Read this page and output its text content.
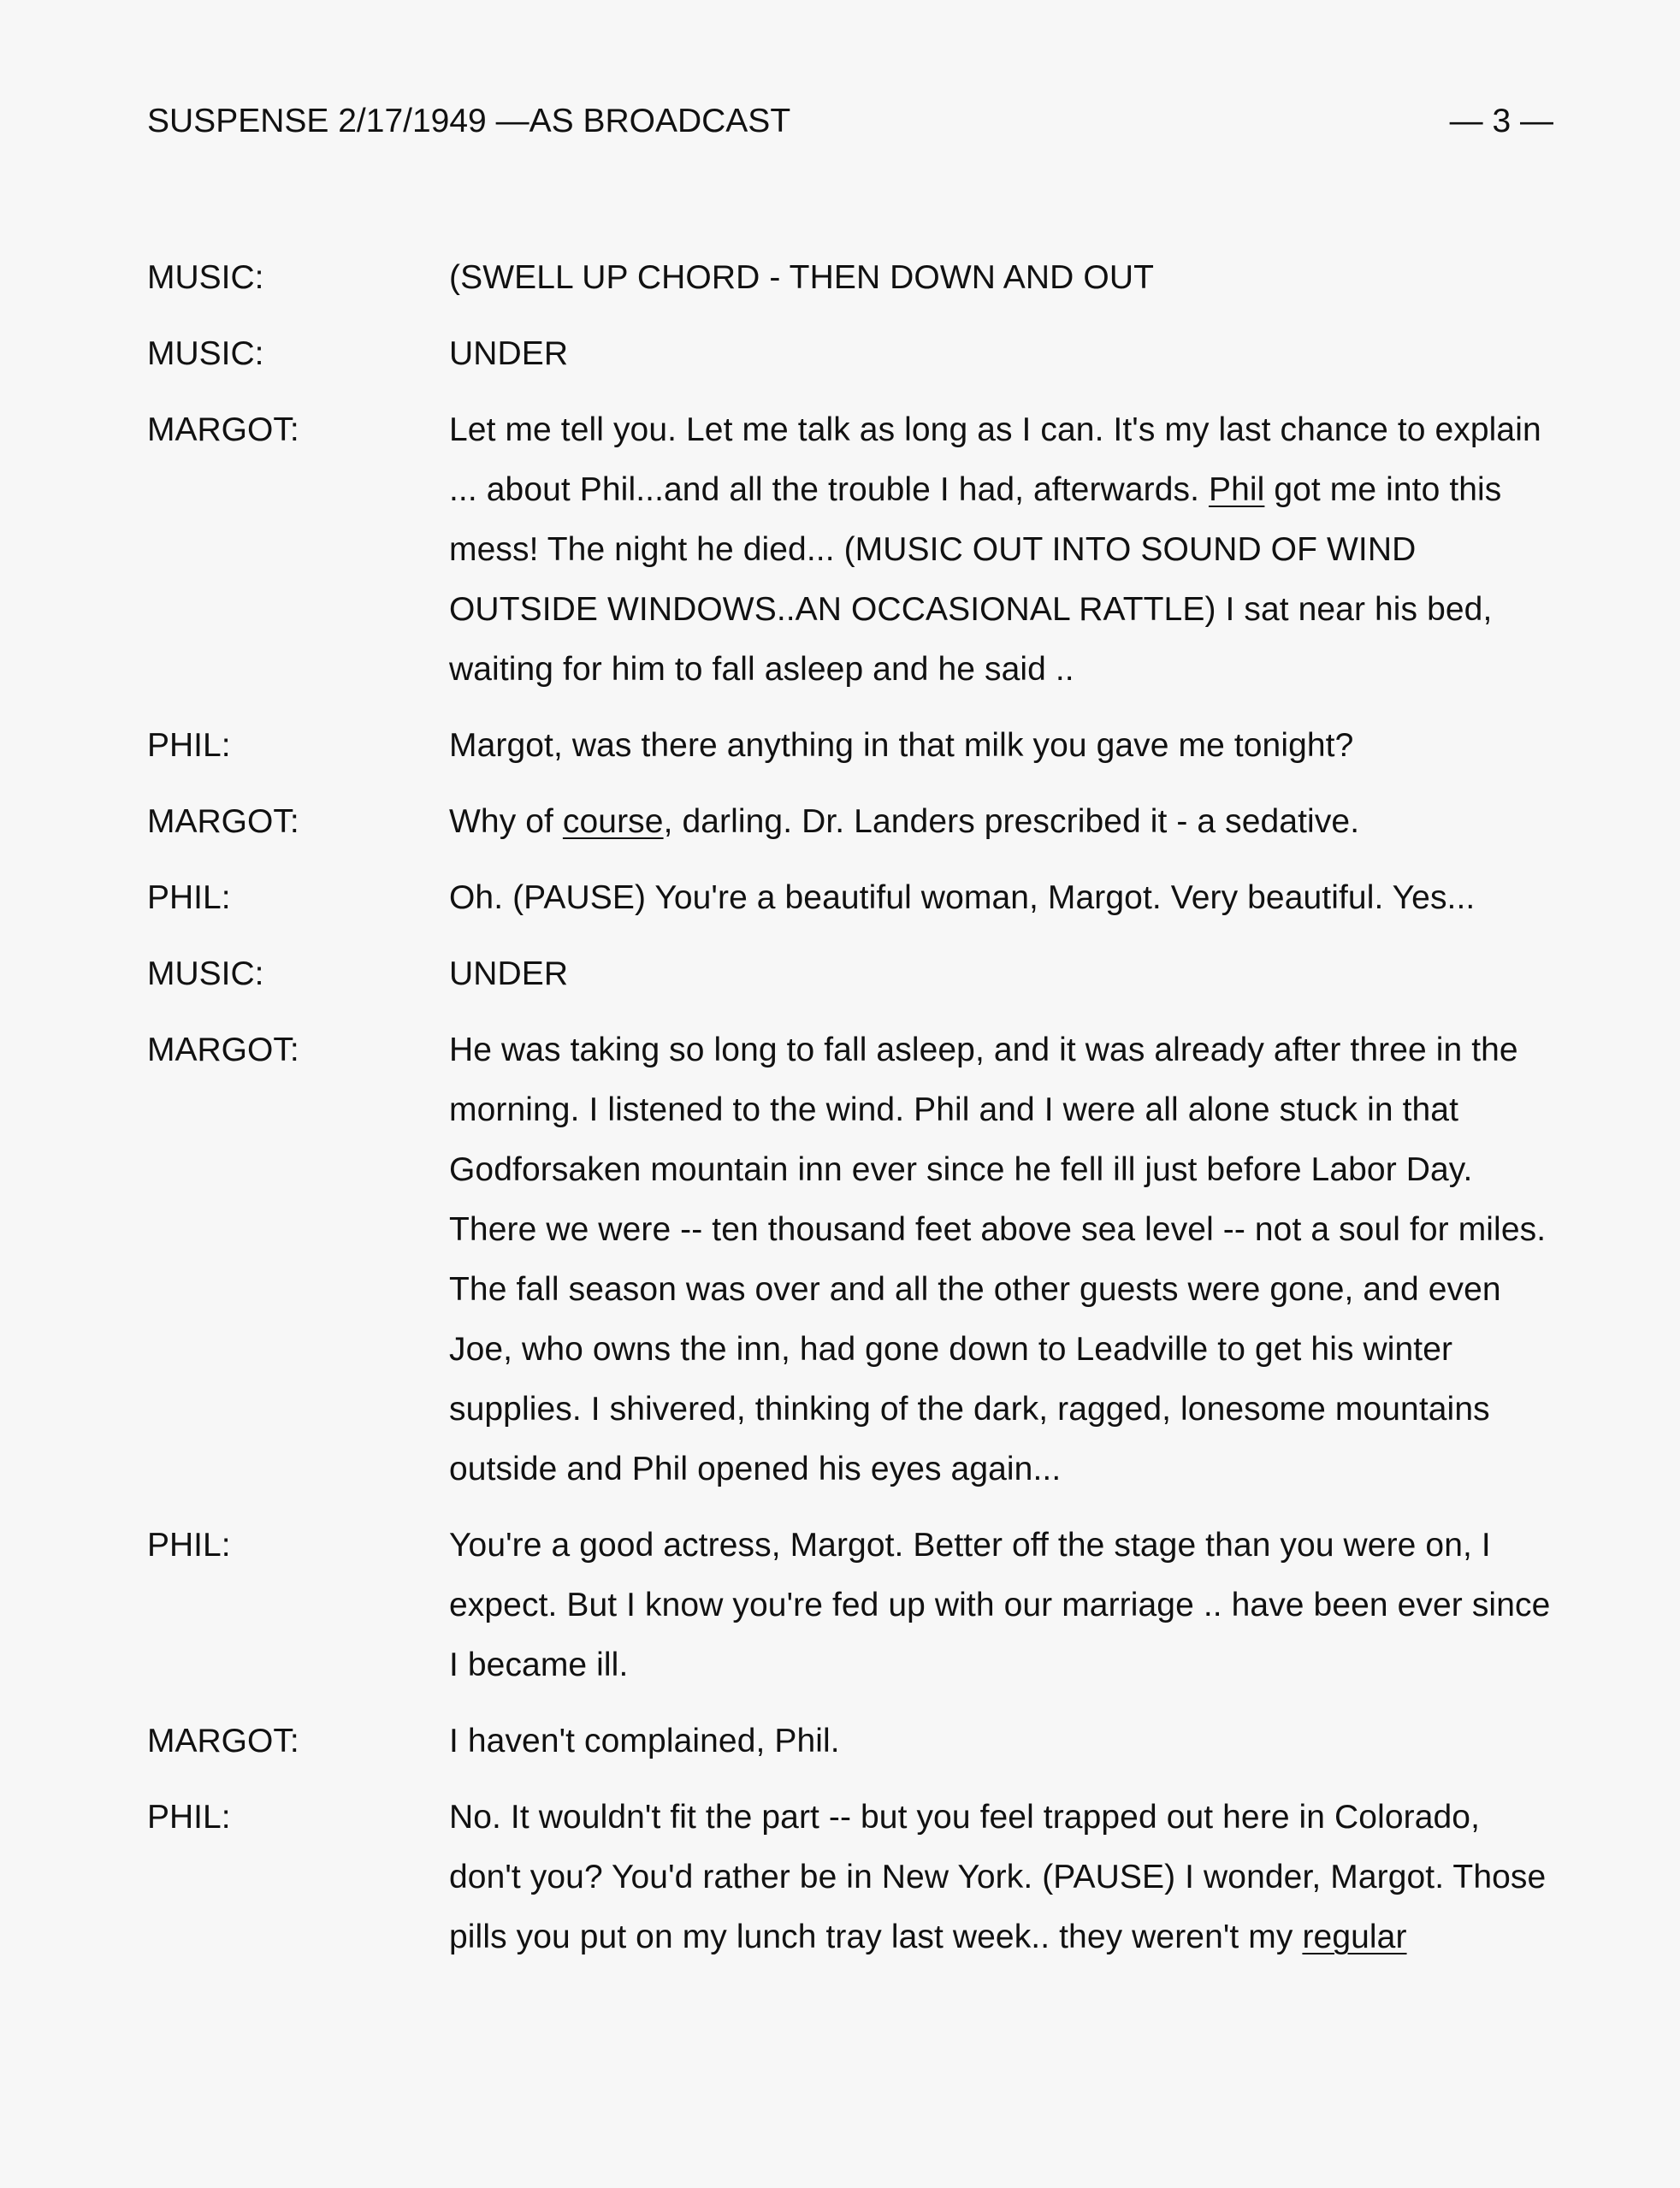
SUSPENSE 2/17/1949 —AS BROADCAST	— 3 —
MUSIC:	(SWELL UP CHORD - THEN DOWN AND OUT
MUSIC:	UNDER
MARGOT:	Let me tell you. Let me talk as long as I can. It's my last chance to explain ... about Phil...and all the trouble I had, afterwards. Phil got me into this mess! The night he died... (MUSIC OUT INTO SOUND OF WIND OUTSIDE WINDOWS..AN OCCASIONAL RATTLE) I sat near his bed, waiting for him to fall asleep and he said ..
PHIL:	Margot, was there anything in that milk you gave me tonight?
MARGOT:	Why of course, darling. Dr. Landers prescribed it - a sedative.
PHIL:	Oh. (PAUSE) You're a beautiful woman, Margot. Very beautiful. Yes...
MUSIC:	UNDER
MARGOT:	He was taking so long to fall asleep, and it was already after three in the morning. I listened to the wind. Phil and I were all alone stuck in that Godforsaken mountain inn ever since he fell ill just before Labor Day. There we were -- ten thousand feet above sea level -- not a soul for miles. The fall season was over and all the other guests were gone, and even Joe, who owns the inn, had gone down to Leadville to get his winter supplies. I shivered, thinking of the dark, ragged, lonesome mountains outside and Phil opened his eyes again...
PHIL:	You're a good actress, Margot. Better off the stage than you were on, I expect. But I know you're fed up with our marriage .. have been ever since I became ill.
MARGOT:	I haven't complained, Phil.
PHIL:	No. It wouldn't fit the part -- but you feel trapped out here in Colorado, don't you? You'd rather be in New York. (PAUSE) I wonder, Margot. Those pills you put on my lunch tray last week.. they weren't my regular
